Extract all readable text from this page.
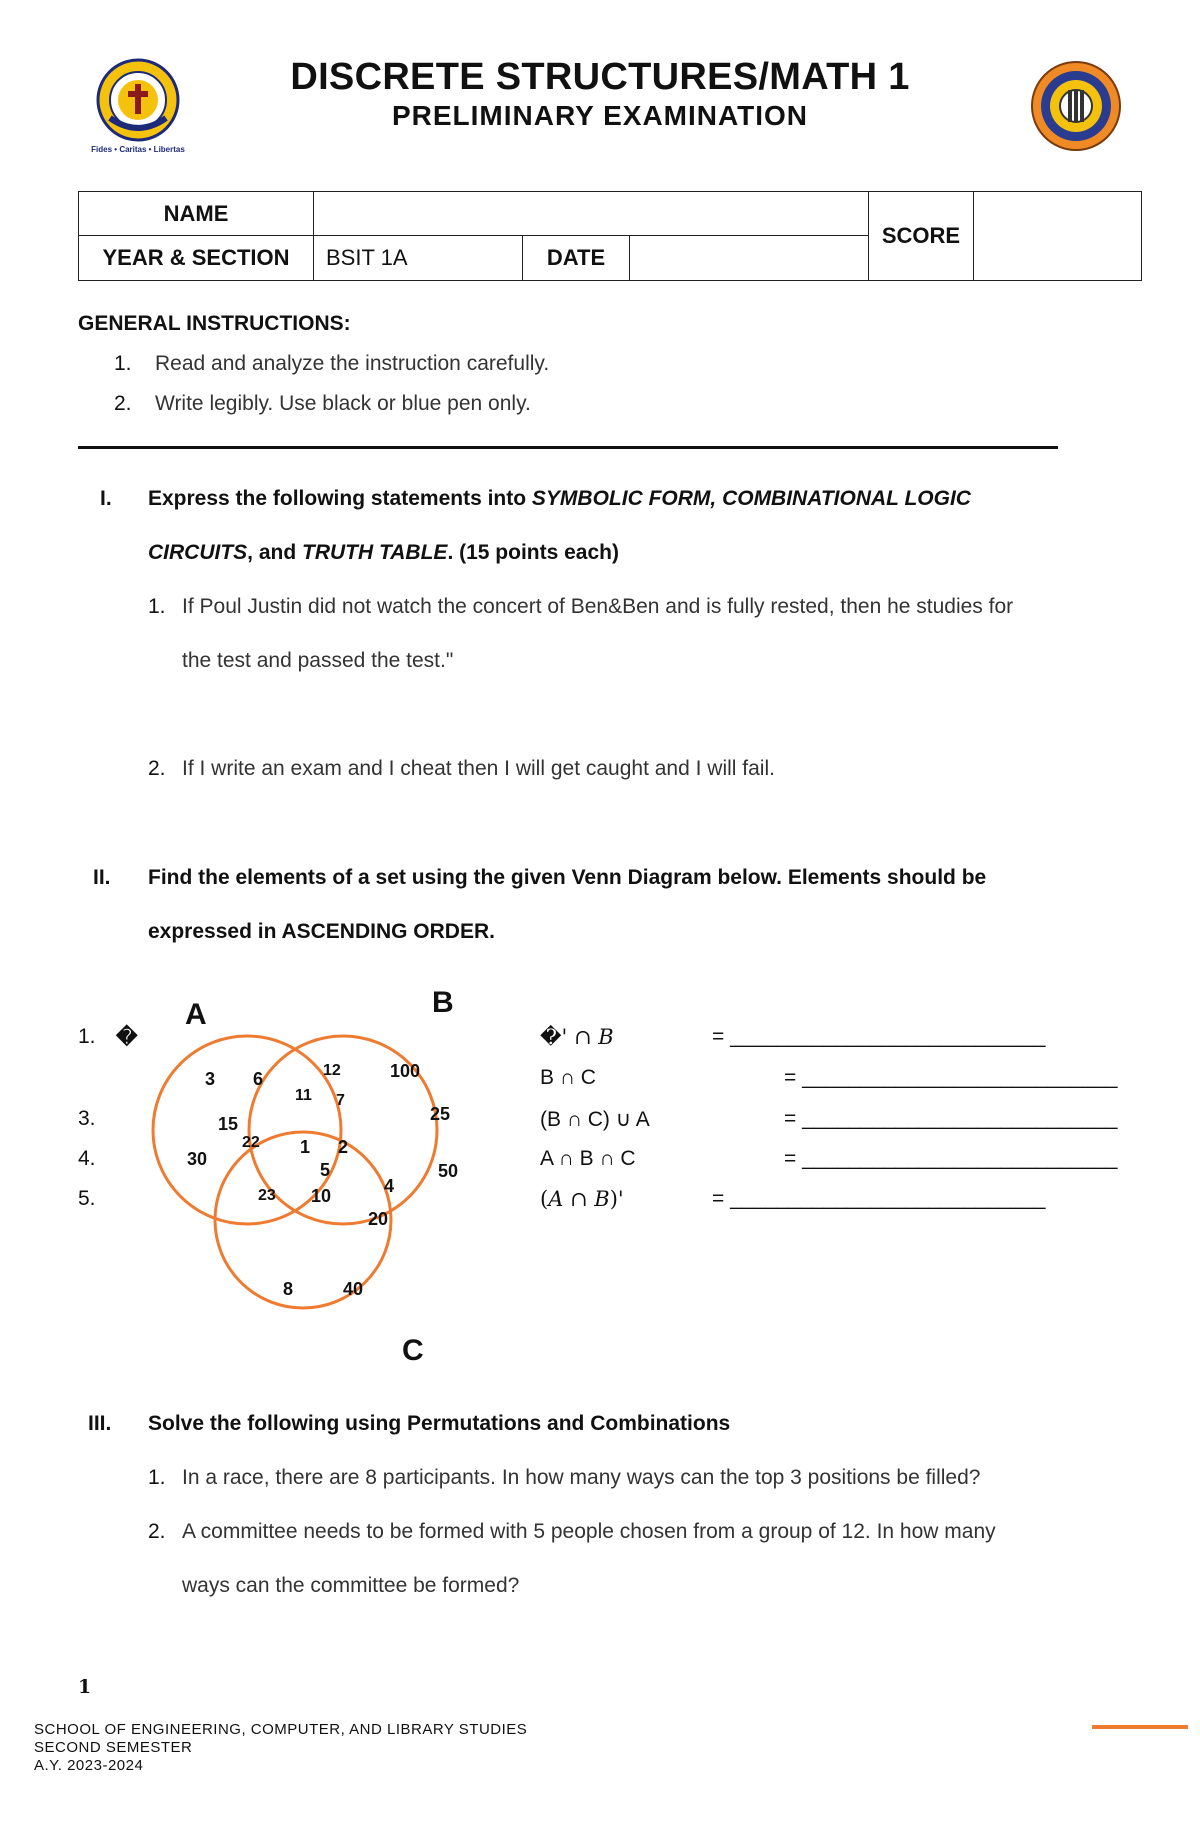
Fides • Caritas • Libertas
DISCRETE STRUCTURES/MATH 1
PRELIMINARY EXAMINATION
NAME		SCORE	
YEAR & SECTION	BSIT 1A		DATE	
GENERAL INSTRUCTIONS:
1. Read and analyze the instruction carefully.
2. Write legibly. Use black or blue pen only.
I. Express the following statements into SYMBOLIC FORM, COMBINATIONAL LOGIC
CIRCUITS, and TRUTH TABLE. (15 points each)
1. If Poul Justin did not watch the concert of Ben&Ben and is fully rested, then he studies for
the test and passed the test."
2. If I write an exam and I cheat then I will get caught and I will fail.
II. Find the elements of a set using the given Venn Diagram below. Elements should be
expressed in ASCENDING ORDER.
A	B
C
3 6
15
30
22
12
11 7
100
25
50
1 2
5
10
23	4
20
8	40
1. �
3.
4.
5.
�' ∩ 𝐵	= ___________________________
B ∩ C	= ___________________________
(B ∩ C) ∪ A	= ___________________________
A ∩ B ∩ C	= ___________________________
(𝐴 ∩ 𝐵)'	= ___________________________
III. Solve the following using Permutations and Combinations
1. In a race, there are 8 participants. In how many ways can the top 3 positions be filled?
2. A committee needs to be formed with 5 people chosen from a group of 12. In how many
ways can the committee be formed?
1
SCHOOL OF ENGINEERING, COMPUTER, AND LIBRARY STUDIES
SECOND SEMESTER
A.Y. 2023-2024
